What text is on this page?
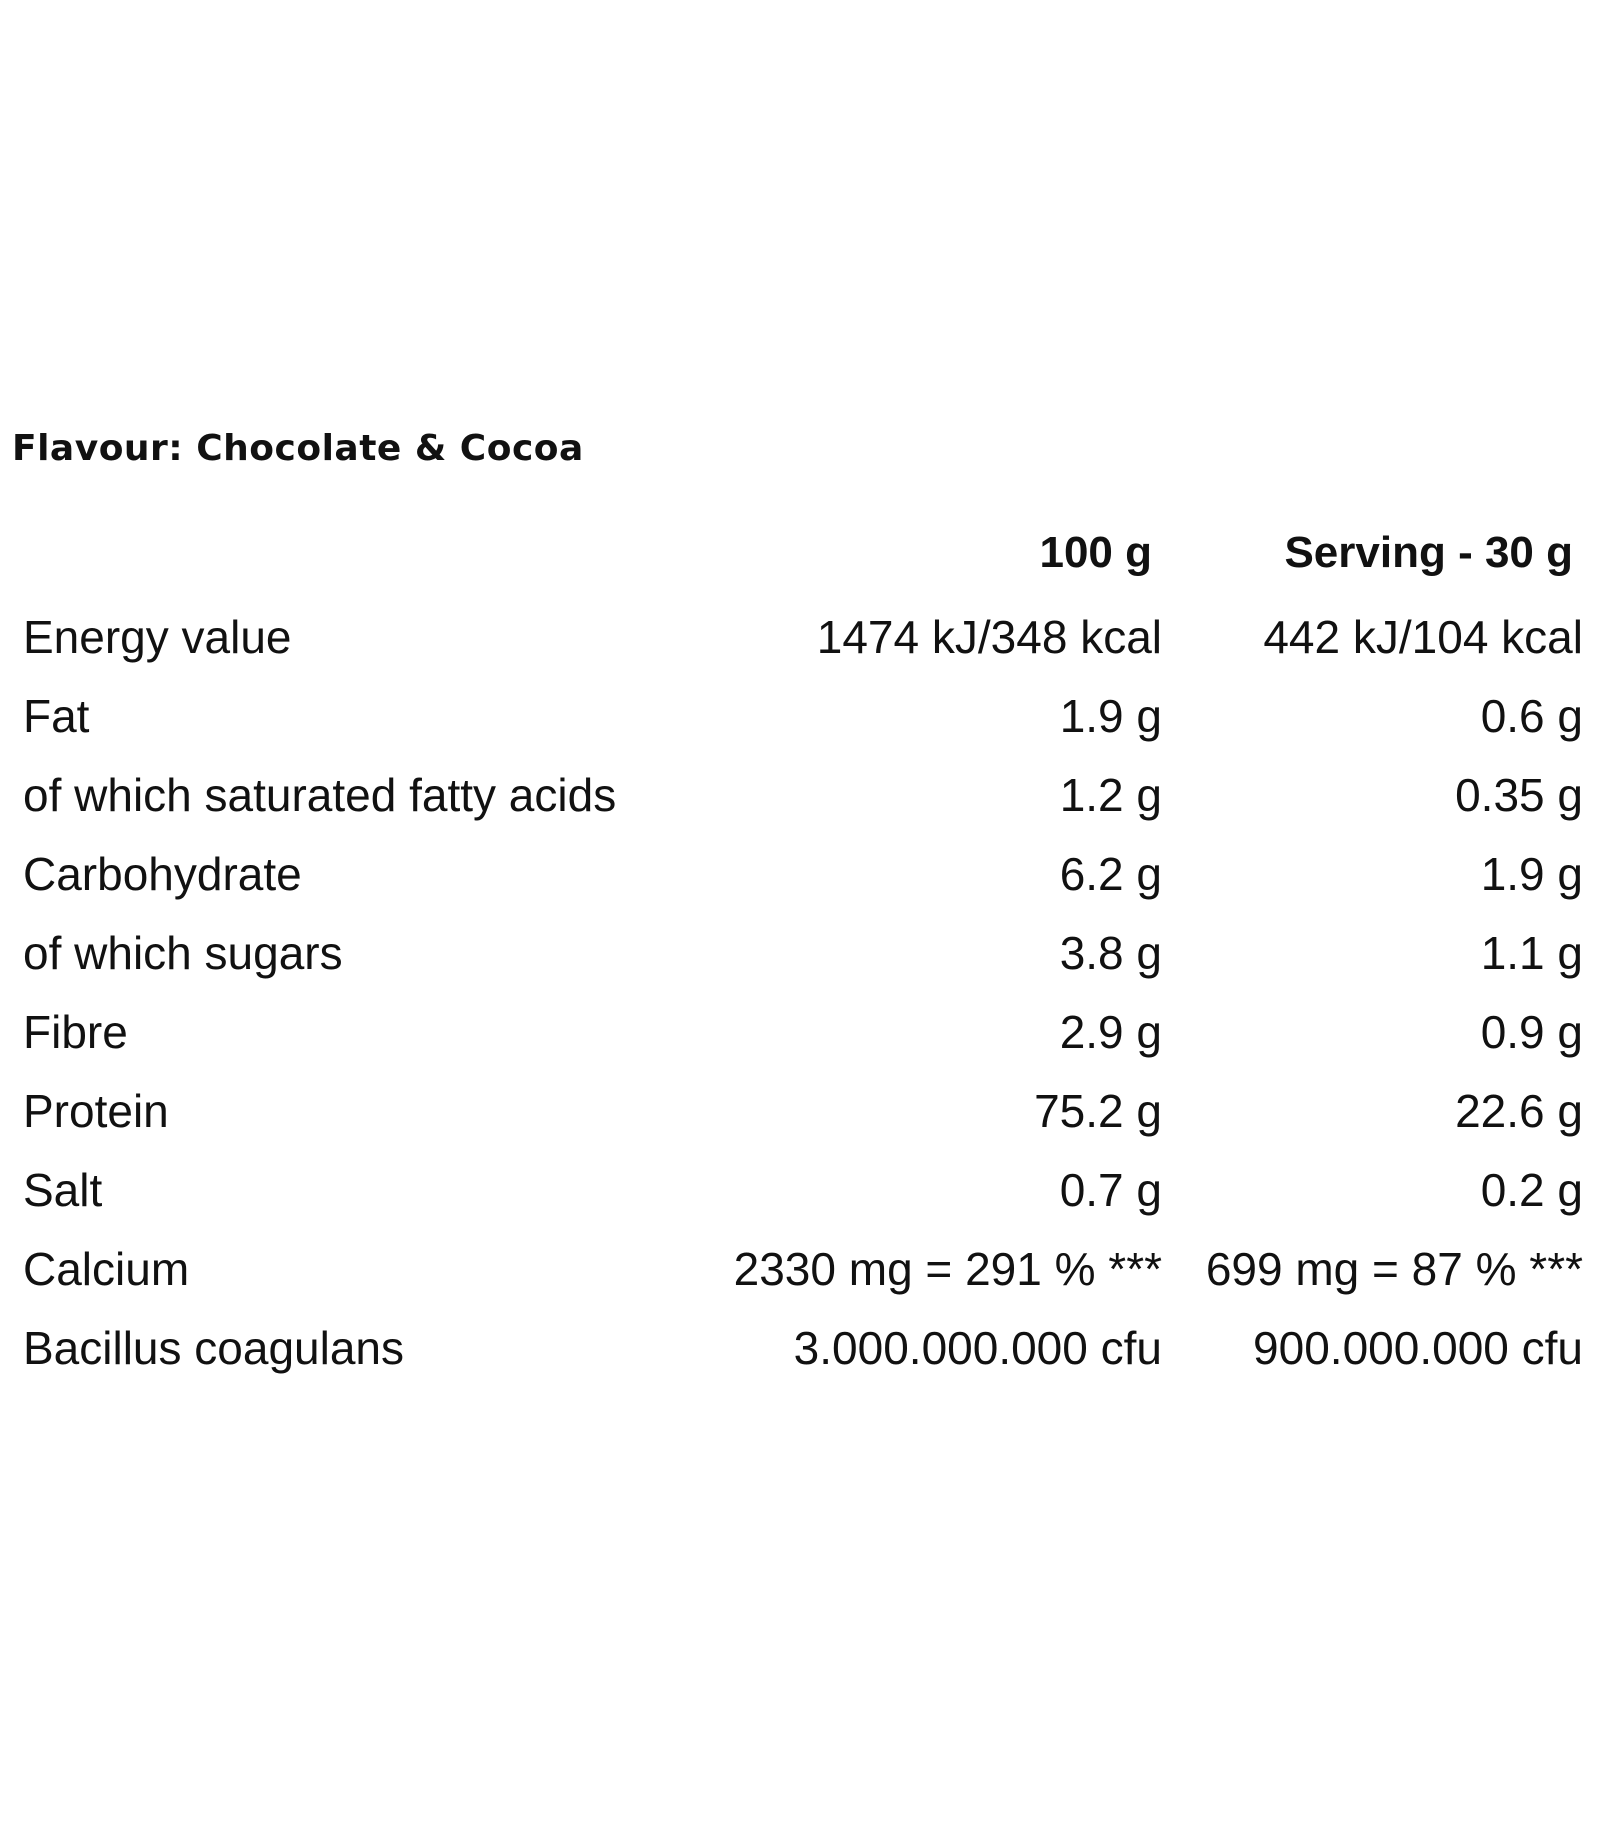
Flavour: Chocolate & Cocoa
100 g	Serving - 30 g
Energy value	1474 kJ/348 kcal 442 kJ/104 kcal
Fat	1.9 g	0.6 g
of which saturated fatty acids	1.2 g	0.35 g
Carbohydrate	6.2 g	1.9 g
of which sugars	3.8 g	1.1 g
Fibre	2.9 g	0.9 g
Protein	75.2 g	22.6 g
Salt	0.7 g	0.2 g
Calcium	2330 mg = 291 % *** 699 mg = 87 % ***
Bacillus coagulans	3.000.000.000 cfu 900.000.000 cfu
